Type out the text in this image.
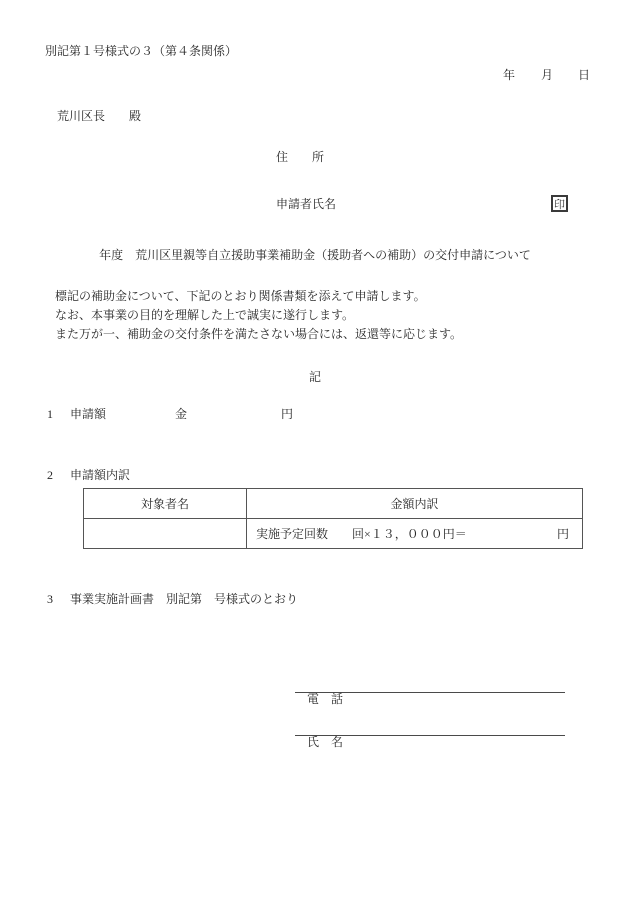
別記第１号様式の３（第４条関係）
年 月 日
荒川区長　　殿
住　　所
申請者氏名	印
年度　荒川区里親等自立援助事業補助金（援助者への補助）の交付申請について
標記の補助金について、下記のとおり関係書類を添えて申請します。
なお、本事業の目的を理解した上で誠実に遂行します。
また万が一、補助金の交付条件を満たさない場合には、返還等に応じます。
記
1 申請額	金	円
2 申請額内訳
対象者名	金額内訳

	実施予定回数　　回×１３，０００円＝ 円
3 事業実施計画書　別記第　号様式のとおり

電　話

氏　名
